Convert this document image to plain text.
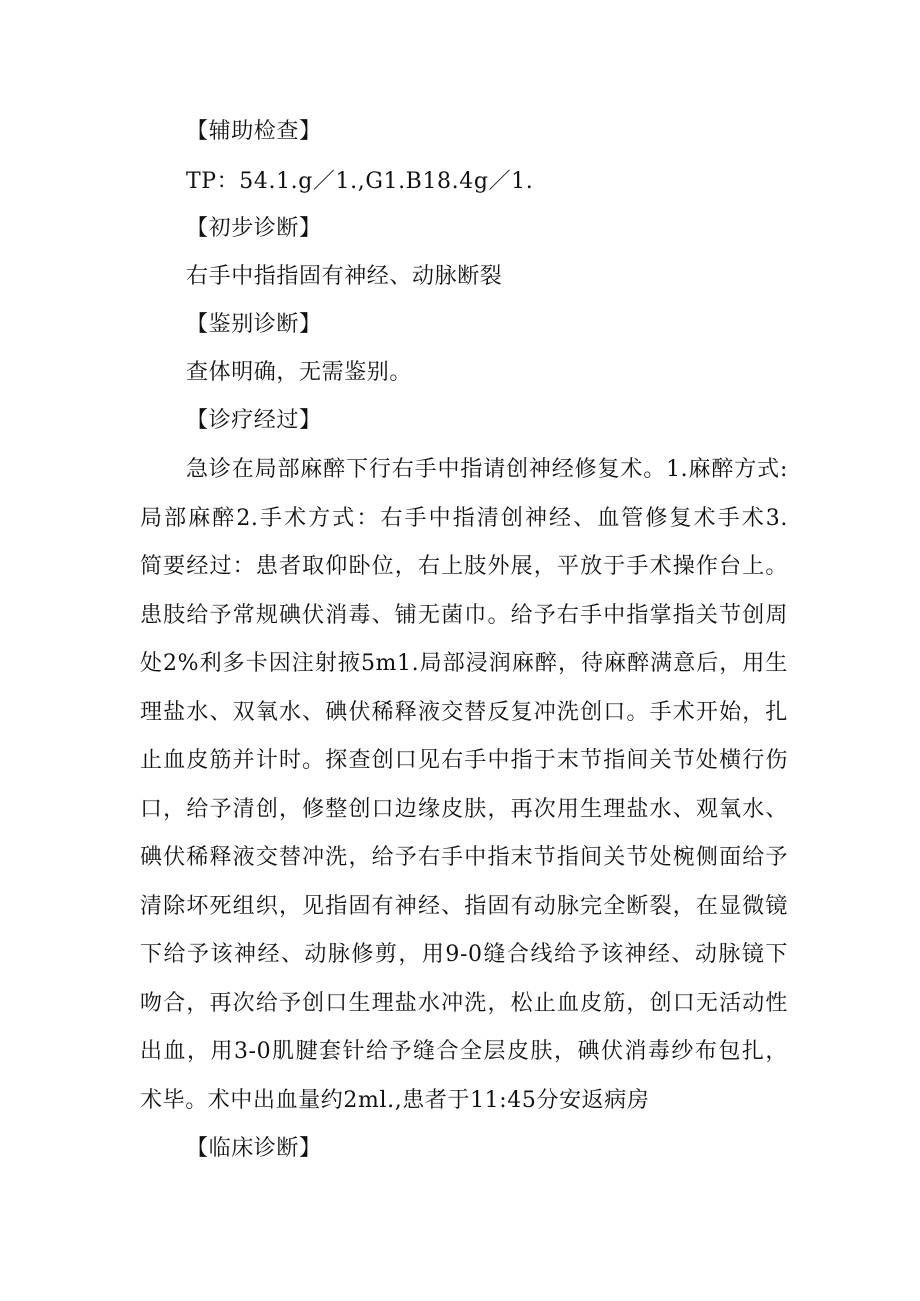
【辅助检查】
TP：54.1.g／1.,G1.B18.4g／1.
【初步诊断】
右手中指指固有神经、动脉断裂
【鉴别诊断】
查体明确，无需鉴别。
【诊疗经过】
急诊在局部麻醉下行右手中指请创神经修复术。1.麻醉方式:
局部麻醉2.手术方式：右手中指清创神经、血管修复术手术3.
简要经过：患者取仰卧位，右上肢外展，平放于手术操作台上。
患肢给予常规碘伏消毒、铺无菌巾。给予右手中指掌指关节创周
处2%利多卡因注射掖5m1.局部浸润麻醉，待麻醉满意后，用生
理盐水、双氧水、碘伏稀释液交替反复冲洗创口。手术开始，扎
止血皮筋并计时。探查创口见右手中指于末节指间关节处横行伤
口，给予清创，修整创口边缘皮肤，再次用生理盐水、观氧水、
碘伏稀释液交替冲洗，给予右手中指末节指间关节处椀侧面给予
清除坏死组织，见指固有神经、指固有动脉完全断裂，在显微镜
下给予该神经、动脉修剪，用9-0缝合线给予该神经、动脉镜下
吻合，再次给予创口生理盐水冲洗，松止血皮筋，创口无活动性
出血，用3-0肌腱套针给予缝合全层皮肤，碘伏消毒纱布包扎，
术毕。术中出血量约2ml.,患者于11:45分安返病房
【临床诊断】
